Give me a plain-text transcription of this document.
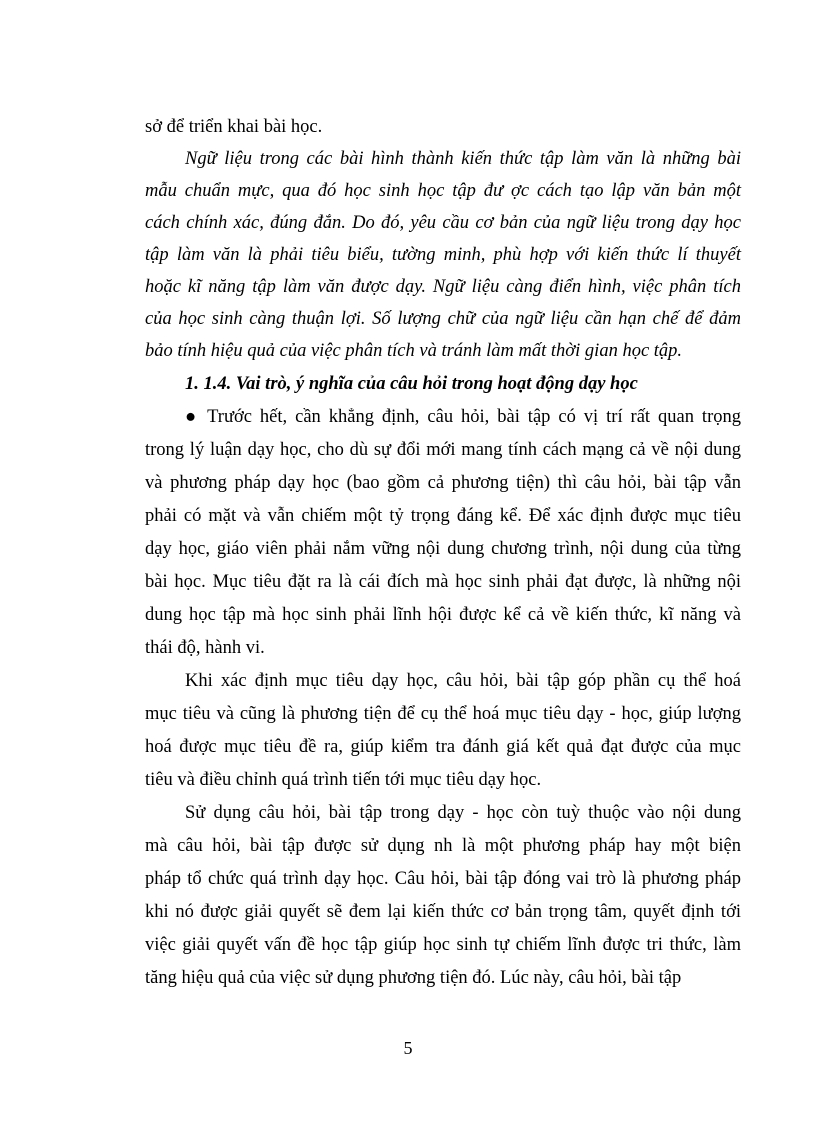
sở để triển khai bài học.
Ngữ liệu trong các bài hình thành kiến thức tập làm văn là những bài
mẫu chuẩn mực, qua đó học sinh học tập đư ợc cách tạo lập văn bản một
cách chính xác, đúng đắn. Do đó, yêu cầu cơ bản của ngữ liệu trong dạy học
tập làm văn là phải tiêu biểu, tường minh, phù hợp với kiến thức lí thuyết
hoặc kĩ năng tập làm văn được dạy. Ngữ liệu càng điển hình, việc phân tích
của học sinh càng thuận lợi. Số lượng chữ của ngữ liệu cần hạn chế để đảm
bảo tính hiệu quả của việc phân tích và tránh làm mất thời gian học tập.
1. 1.4. Vai trò, ý nghĩa của câu hỏi trong hoạt động dạy học
● Trước hết, cần khẳng định, câu hỏi, bài tập có vị trí rất quan trọng
trong lý luận dạy học, cho dù sự đổi mới mang tính cách mạng cả về nội dung
và phương pháp dạy học (bao gồm cả phương tiện) thì câu hỏi, bài tập vẫn
phải có mặt và vẫn chiếm một tỷ trọng đáng kể. Để xác định được mục tiêu
dạy học, giáo viên phải nắm vững nội dung chương trình, nội dung của từng
bài học. Mục tiêu đặt ra là cái đích mà học sinh phải đạt được, là những nội
dung học tập mà học sinh phải lĩnh hội được kể cả về kiến thức, kĩ năng và
thái độ, hành vi.
Khi xác định mục tiêu dạy học, câu hỏi, bài tập góp phần cụ thể hoá
mục tiêu và cũng là phương tiện để cụ thể hoá mục tiêu dạy - học, giúp lượng
hoá được mục tiêu đề ra, giúp kiểm tra đánh giá kết quả đạt được của mục
tiêu và điều chỉnh quá trình tiến tới mục tiêu dạy học.
Sử dụng câu hỏi, bài tập trong dạy - học còn tuỳ thuộc vào nội dung
mà câu hỏi, bài tập được sử dụng nh là một phương pháp hay một biện
pháp tổ chức quá trình dạy học. Câu hỏi, bài tập đóng vai trò là phương pháp
khi nó được giải quyết sẽ đem lại kiến thức cơ bản trọng tâm, quyết định tới
việc giải quyết vấn đề học tập giúp học sinh tự chiếm lĩnh được tri thức, làm
tăng hiệu quả của việc sử dụng phương tiện đó. Lúc này, câu hỏi, bài tập
5
